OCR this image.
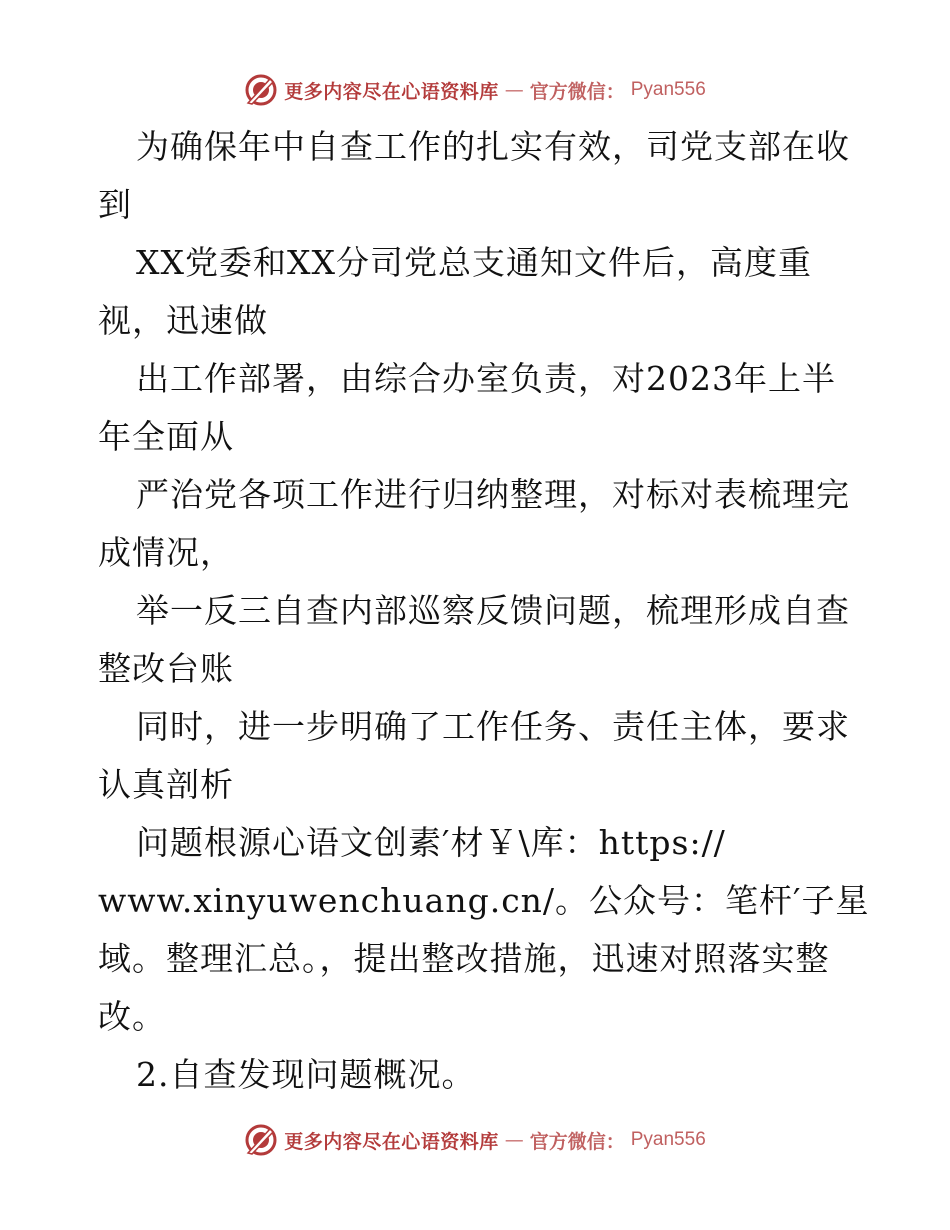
更多内容尽在心语资料库 — 官方微信： Pyan556
为确保年中自查工作的扎实有效，司党支部在收
到
XX党委和XX分司党总支通知文件后，高度重
视，迅速做
出工作部署，由综合办室负责，对2023年上半
年全面从
严治党各项工作进行归纳整理，对标对表梳理完
成情况，
举一反三自查内部巡察反馈问题，梳理形成自查
整改台账
同时，进一步明确了工作任务、责任主体，要求
认真剖析
问题根源心语文创素′材￥\库：https://
www.xinyuwenchuang.cn/。公众号：笔杆′子星
域。整理汇总。，提出整改措施，迅速对照落实整
改。
2.自查发现问题概况。
更多内容尽在心语资料库 — 官方微信： Pyan556
